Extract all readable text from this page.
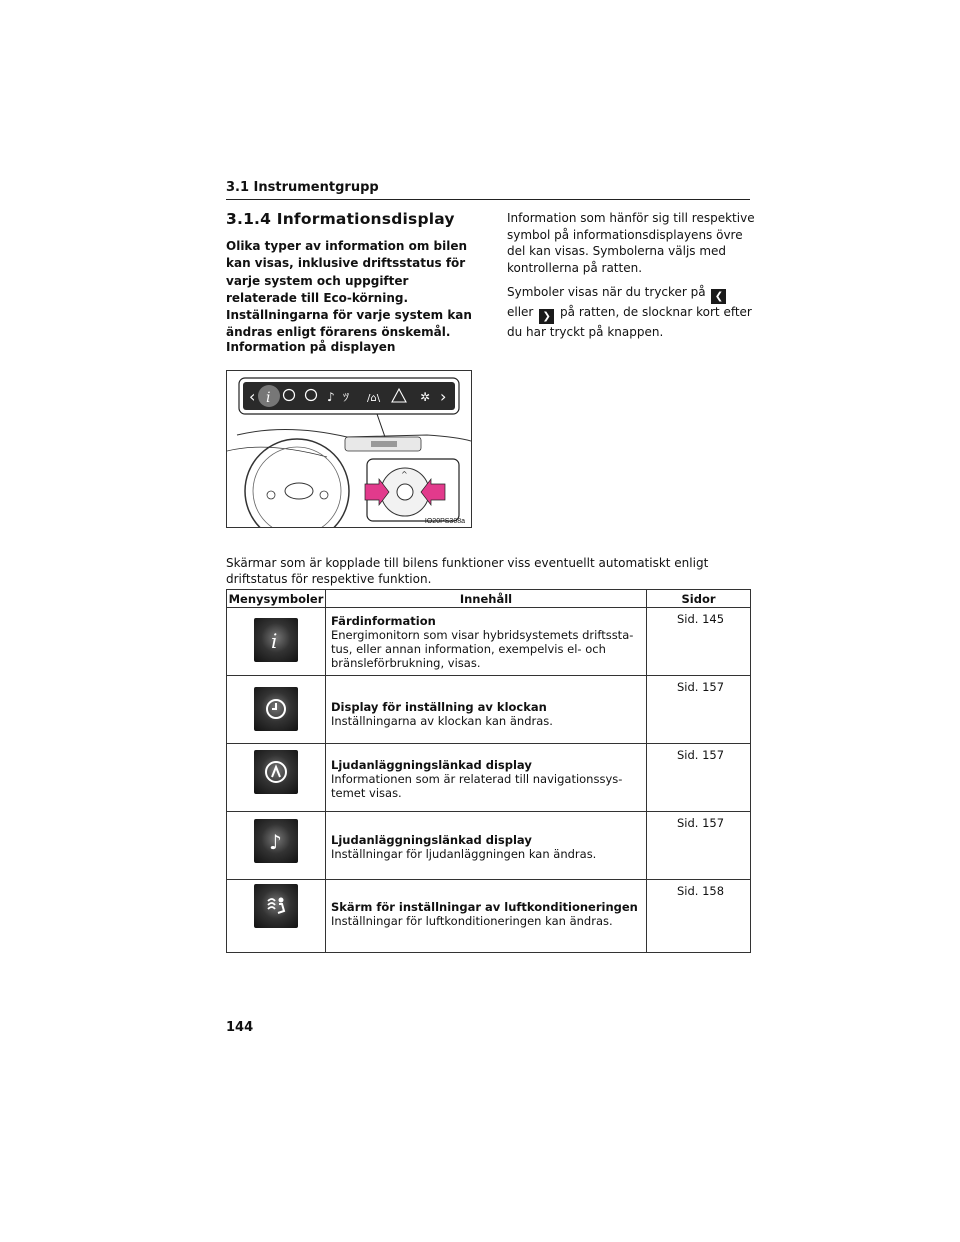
3.1 Instrumentgrupp
3.1.4 Informationsdisplay
Olika typer av information om bilen kan visas, inklusive driftsstatus för varje system och uppgifter relaterade till Eco-körning. Inställningarna för varje system kan ändras enligt förarens önskemål.
Information på displayen

Information som hänför sig till respektive symbol på informationsdisplayens övre del kan visas. Symbolerna väljs med kontrollerna på ratten.

Symboler visas när du trycker på ❮ eller ❯ på ratten, de slocknar kort efter du har tryckt på knappen.

‹ i	♪ ﾂ /⌂\	✲ ›
^
IO20PS308a
Skärmar som är kopplade till bilens funktioner viss eventuellt automatiskt enligt driftstatus för respektive funktion.
Menysymboler	Innehåll	Sidor

i	Färdinformation
Energimonitorn som visar hybridsystemets driftssta-tus, eller annan information, exempelvis el- och bränsleförbrukning, visas.	Sid. 145

Display för inställning av klockan
Inställningarna av klockan kan ändras.	Sid. 157

Ljudanläggningslänkad display
Informationen som är relaterad till navigationssys-temet visas.	Sid. 157

♪	Ljudanläggningslänkad display
Inställningar för ljudanläggningen kan ändras.	Sid. 157

Skärm för inställningar av luftkonditioneringen
Inställningar för luftkonditioneringen kan ändras.	Sid. 158
144
